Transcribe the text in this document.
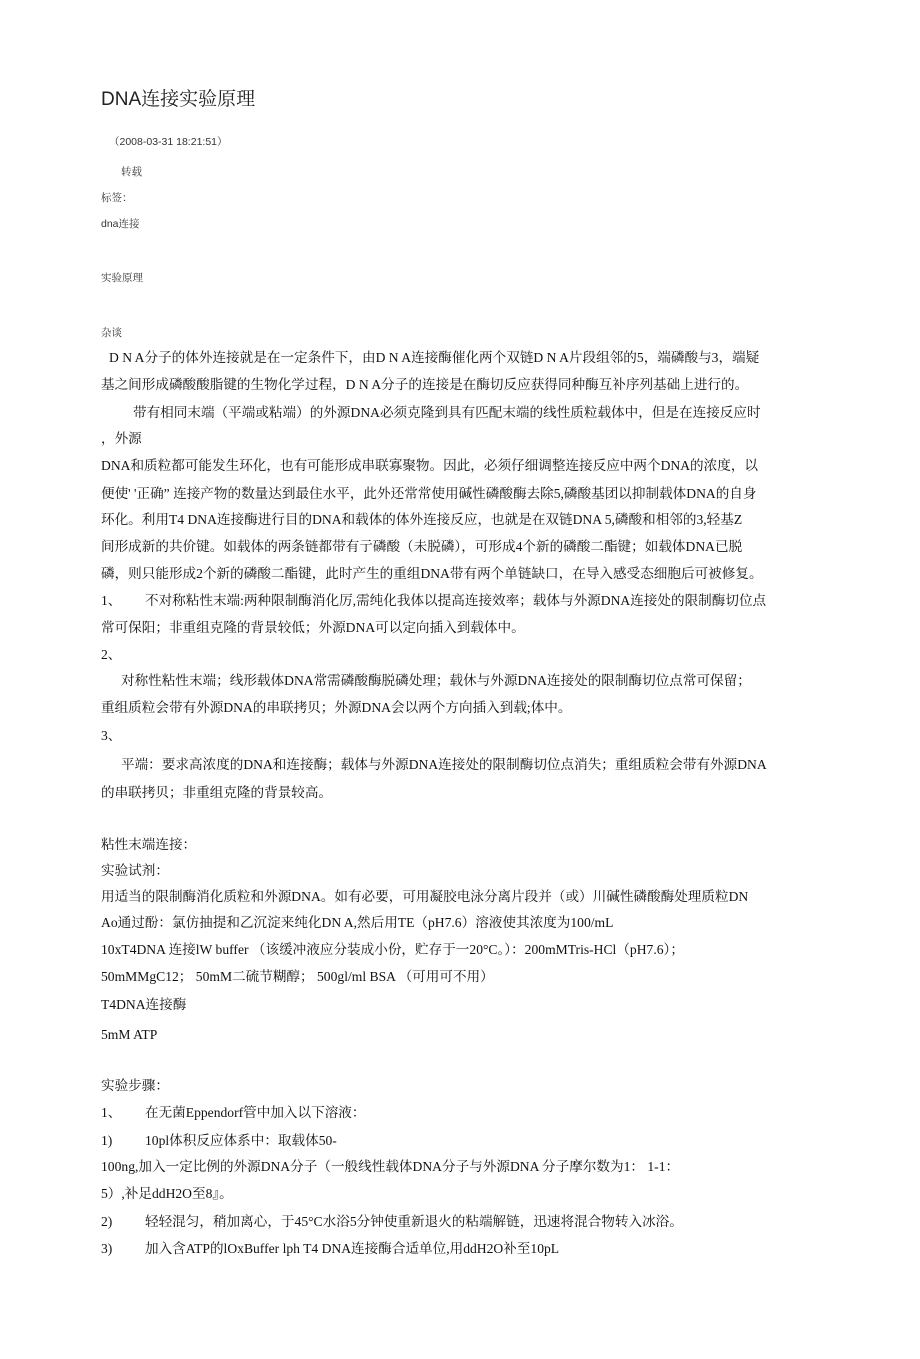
DNA连接实验原理
（2008-03-31 18:21:51）
转载
标签：
dna连接
实验原理
杂谈
D N A分子的体外连接就是在一定条件下，由D N A连接酶催化两个双链D N A片段组邻的5，端磷酸与3，端疑
基之间形成磷酸酸脂键的生物化学过程，D N A分子的连接是在酶切反应获得同种酶互补序列基础上进行的。
带有相同末端（平端或粘端）的外源DNA必须克隆到具有匹配末端的线性质粒载体中，但是在连接反应时
，外源
DNA和质粒都可能发生环化，也有可能形成串联寡聚物。因此，必须仔细调整连接反应中两个DNA的浓度，以
便使' '正确” 连接产物的数量达到最住水平，此外还常常使用碱性磷酸酶去除5,磷酸基团以抑制载体DNA的自身
环化。利用T4 DNA连接酶进行目的DNA和载体的体外连接反应，也就是在双链DNA 5,磷酸和相邻的3,轻基Z
间形成新的共价键。如载体的两条链都带有亍磷酸（未脱磷），可形成4个新的磷酸二酯键；如载体DNA已脱
磷，则只能形成2个新的磷酸二酯键，此时产生的重组DNA带有两个单链缺口，在导入感受态细胞后可被修复。
1、 不对称粘性末端:两种限制酶消化厉,需纯化我体以提高连接效率；载体与外源DNA连接处的限制酶切位点
常可保阳；非重组克隆的背景较低；外源DNA可以定向插入到载体中。
2、
对称性粘性末端；线形载体DNA常需磷酸酶脱磷处理；载休与外源DNA连接处的限制酶切位点常可保留；
重组质粒会带有外源DNA的串联拷贝；外源DNA会以两个方向插入到载;体中。
3、
平端：要求高浓度的DNA和连接酶；载体与外源DNA连接处的限制酶切位点消失；重组质粒会带有外源DNA
的串联拷贝；非重组克隆的背景较高。
粘性末端连接：
实验试剂：
用适当的限制酶消化质粒和外源DNA。如有必要，可用凝胶电泳分离片段并（或）川碱性磷酸酶处理质粒DN
Ao通过酚：氯仿抽提和乙沉淀来纯化DN A,然后用TE（pH7.6）溶液使其浓度为100/mL
10xT4DNA 连接lW buffer （该缓冲液应分装成小份，贮存于一20°C。）：200mMTris-HCl（pH7.6）；
50mMMgC12； 50mM二硫节糊醇； 500gl/ml BSA （可用可不用）
T4DNA连接酶
5mM ATP
实验步骤：
1、 在无菌Eppendorf管中加入以下溶液：
1) 10pl体积反应体系中：取载体50-
100ng,加入一定比例的外源DNA分子（一般线性载体DNA分子与外源DNA 分子摩尔数为1： 1-1：
5）,补足ddH2O至8』。
2) 轻轻混匀，稍加离心，于45°C水浴5分钟使重新退火的粘端解链，迅速将混合物转入冰浴。
3) 加入含ATP的lOxBuffer lph T4 DNA连接酶合适单位,用ddH2O补至10pL
